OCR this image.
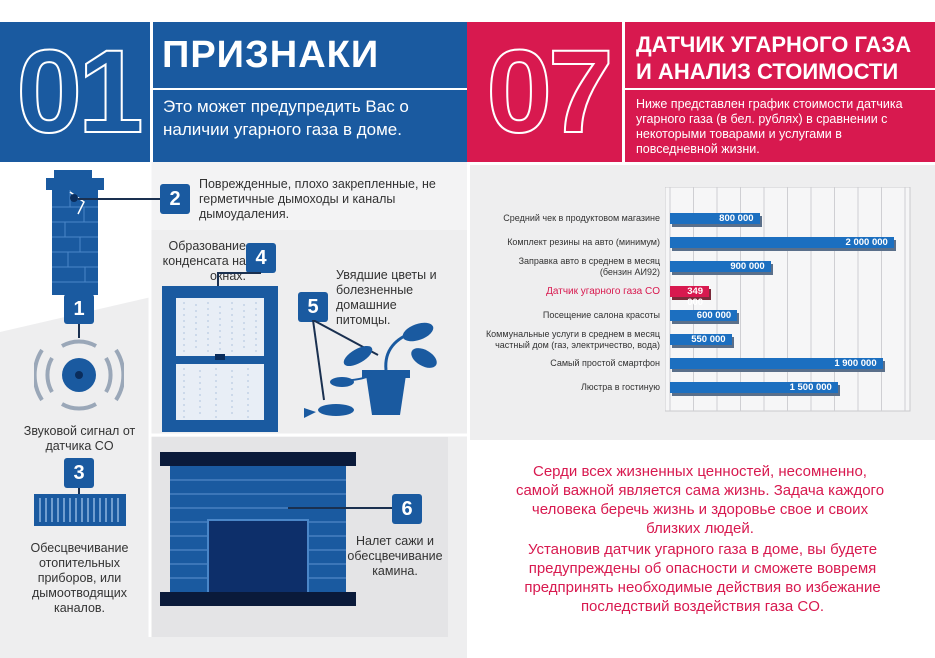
01 ПРИЗНАКИ
Это может предупредить Вас о наличии угарного газа в доме. 07	ДАТЧИК УГАРНОГО ГАЗА И АНАЛИЗ СТОИМОСТИ
Ниже представлен график стоимости датчика угарного газа (в бел. рублях) в сравнении с некоторыми товарами и услугами в повседневной жизни.
2
Поврежденные, плохо закрепленные, не герметичные дымоходы и каналы дымоудаления.
1
Звуковой сигнал от датчика CO
3
Обесцвечивание отопительных приборов, или дымоотводящих каналов.
Образование конденсата на окнах.
4
5
Увядшие цветы и болезненные домашние питомцы.
6
Налет сажи и обесцвечивание камина.
Средний чек в продуктовом магазине	800 000
Комплект резины на авто (минимум)	2 000 000
Заправка авто в среднем в месяц
(бензин АИ92)	900 000
Датчик угарного газа CO	349 000
Посещение салона красоты	600 000
Коммунальные услуги в среднем в месяц
частный дом (газ, электричество, вода)	550 000
Самый простой смартфон	1 900 000
Люстра в гостиную	1 500 000
Серди всех жизненных ценностей, несомненно, самой важной является сама жизнь. Задача каждого человека беречь жизнь и здоровье свое и своих близких людей.
Установив датчик угарного газа в доме, вы будете предупреждены об опасности и сможете вовремя предпринять необходимые действия во избежание последствий воздействия газа CO.
